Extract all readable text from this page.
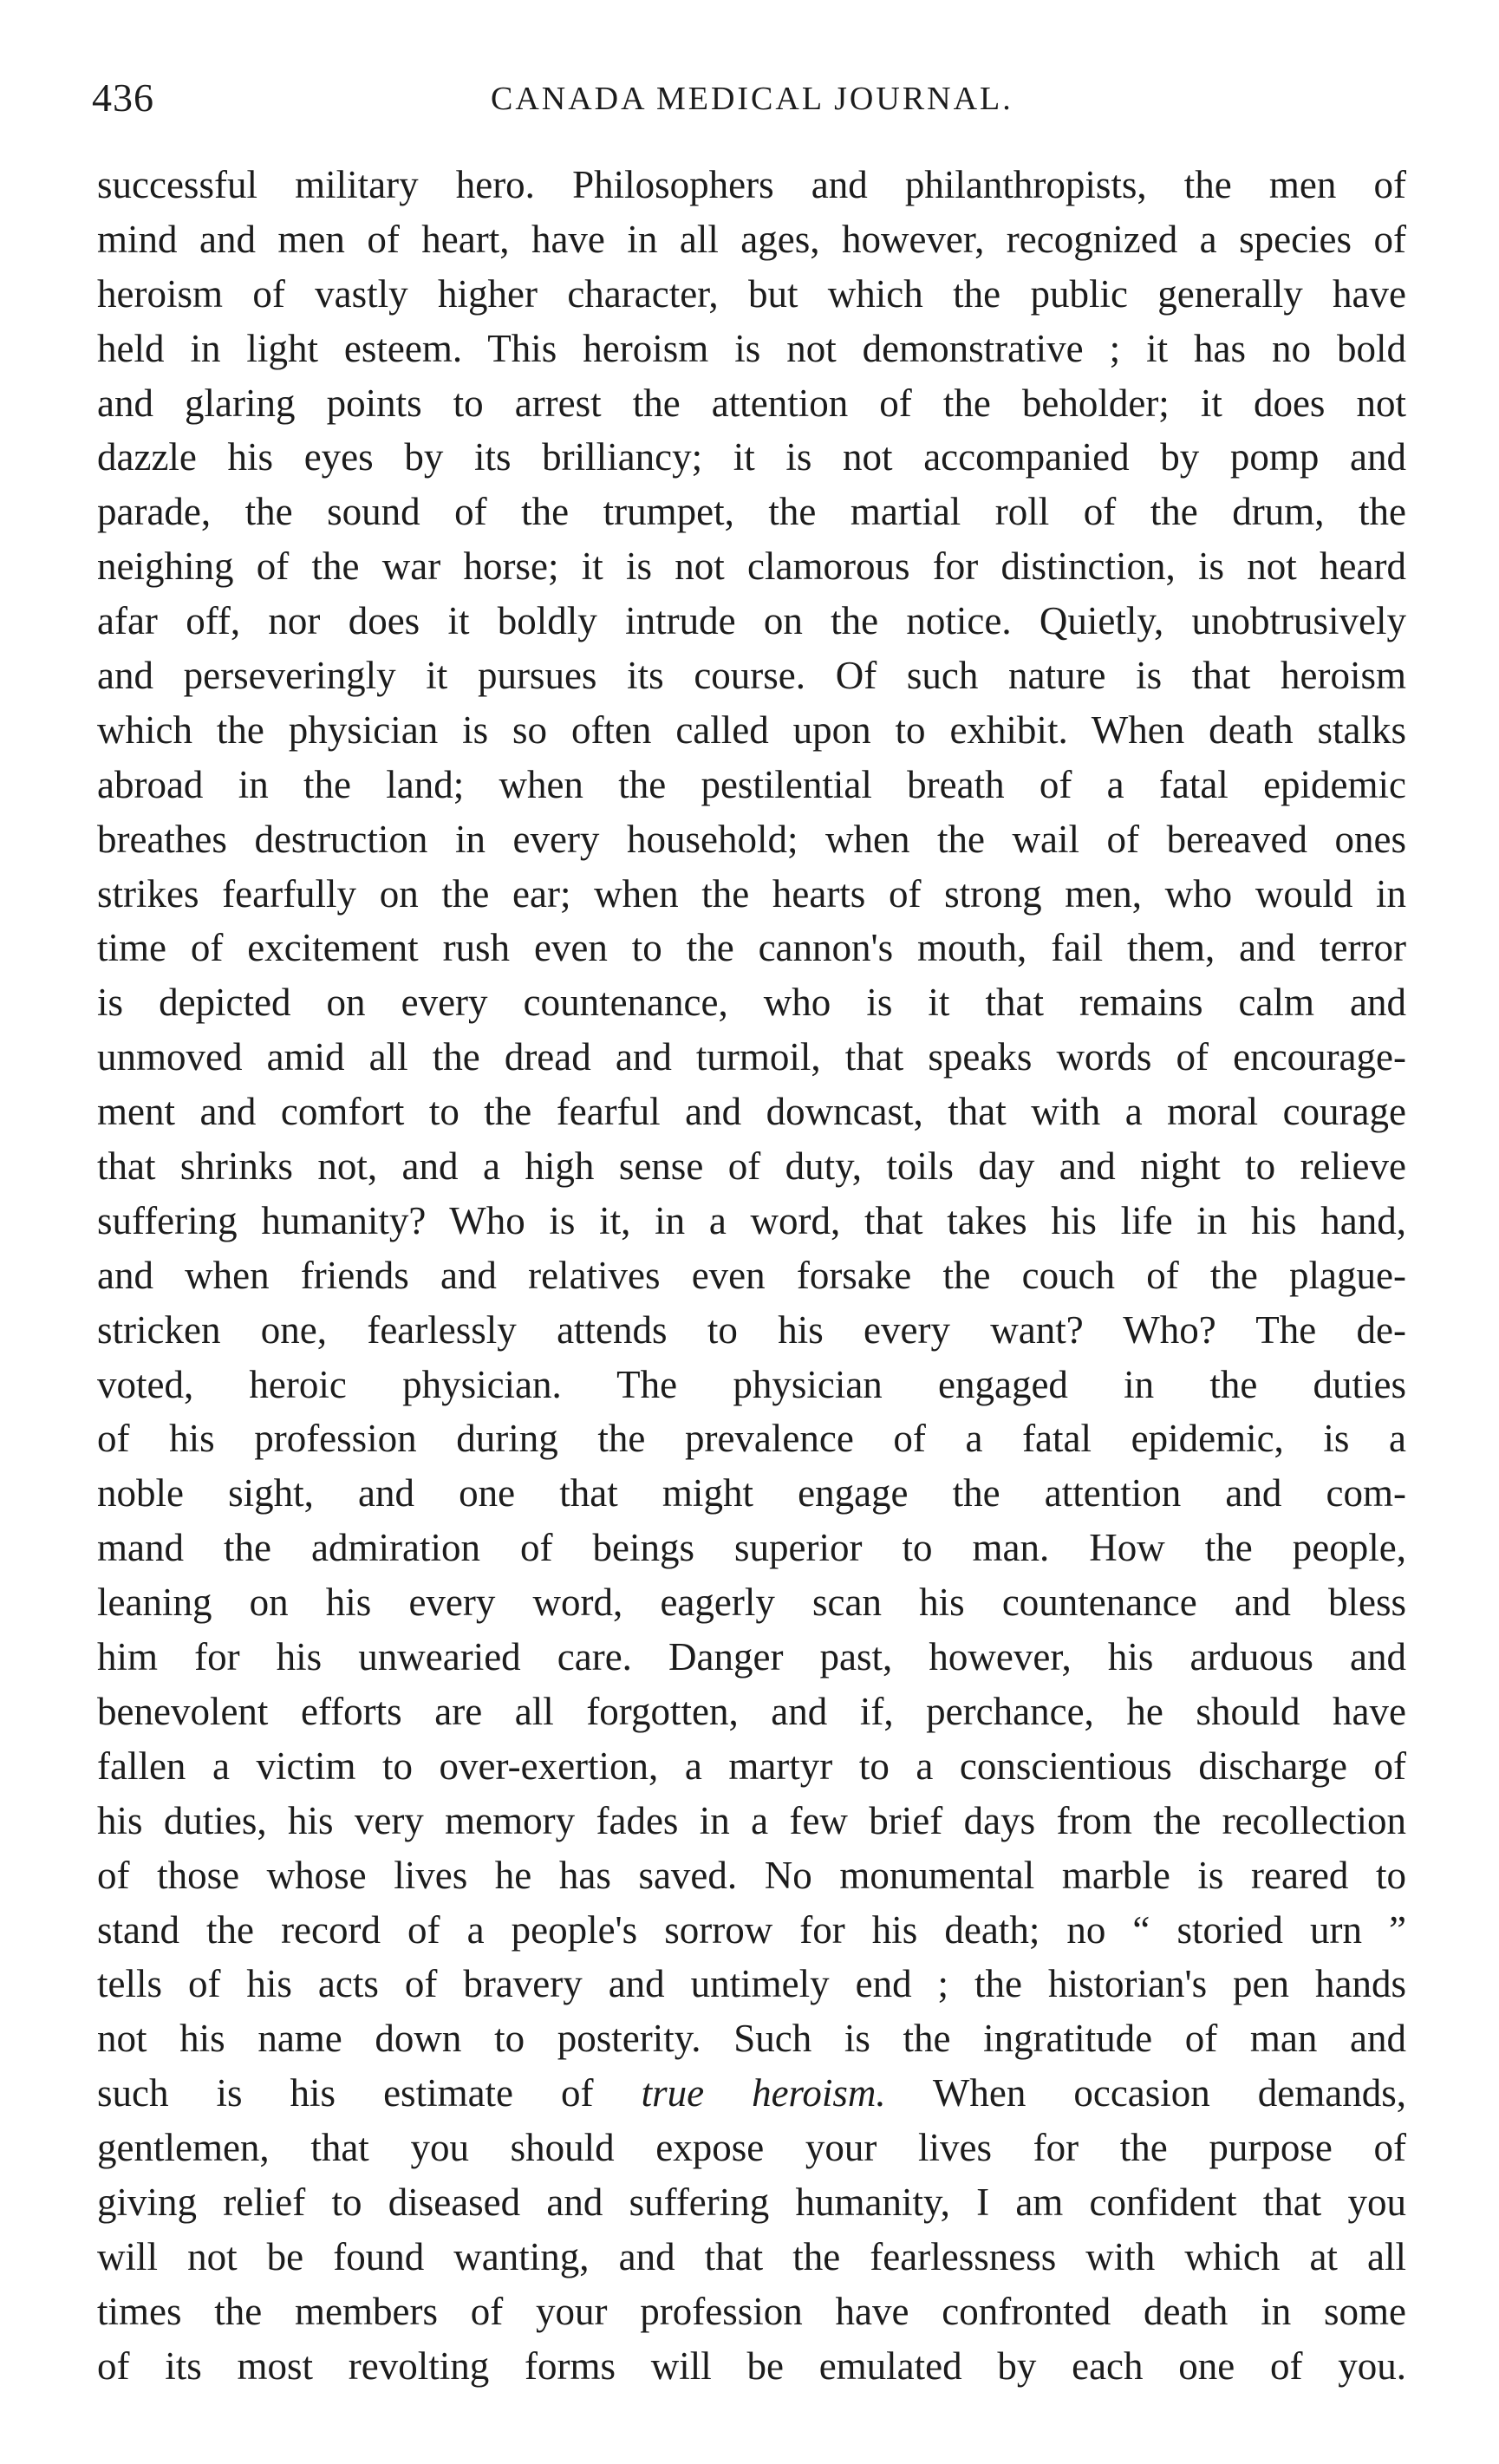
436	CANADA MEDICAL JOURNAL.
successful military hero. Philosophers and philanthropists, the men of
mind and men of heart, have in all ages, however, recognized a species of
heroism of vastly higher character, but which the public generally have
held in light esteem. This heroism is not demonstrative ; it has no bold
and glaring points to arrest the attention of the beholder; it does not
dazzle his eyes by its brilliancy; it is not accompanied by pomp and
parade, the sound of the trumpet, the martial roll of the drum, the
neighing of the war horse; it is not clamorous for distinction, is not heard
afar off, nor does it boldly intrude on the notice. Quietly, unobtrusively
and perseveringly it pursues its course. Of such nature is that heroism
which the physician is so often called upon to exhibit. When death stalks
abroad in the land; when the pestilential breath of a fatal epidemic
breathes destruction in every household; when the wail of bereaved ones
strikes fearfully on the ear; when the hearts of strong men, who would in
time of excitement rush even to the cannon's mouth, fail them, and terror
is depicted on every countenance, who is it that remains calm and
unmoved amid all the dread and turmoil, that speaks words of encourage-
ment and comfort to the fearful and downcast, that with a moral courage
that shrinks not, and a high sense of duty, toils day and night to relieve
suffering humanity? Who is it, in a word, that takes his life in his hand,
and when friends and relatives even forsake the couch of the plague-
stricken one, fearlessly attends to his every want? Who? The de-
voted, heroic physician. The physician engaged in the duties
of his profession during the prevalence of a fatal epidemic, is a
noble sight, and one that might engage the attention and com-
mand the admiration of beings superior to man. How the people,
leaning on his every word, eagerly scan his countenance and bless
him for his unwearied care. Danger past, however, his arduous and
benevolent efforts are all forgotten, and if, perchance, he should have
fallen a victim to over-exertion, a martyr to a conscientious discharge of
his duties, his very memory fades in a few brief days from the recollection
of those whose lives he has saved. No monumental marble is reared to
stand the record of a people's sorrow for his death; no “ storied urn ”
tells of his acts of bravery and untimely end ; the historian's pen hands
not his name down to posterity. Such is the ingratitude of man and
such is his estimate of true heroism. When occasion demands,
gentlemen, that you should expose your lives for the purpose of
giving relief to diseased and suffering humanity, I am confident that you
will not be found wanting, and that the fearlessness with which at all
times the members of your profession have confronted death in some
of its most revolting forms will be emulated by each one of you.
